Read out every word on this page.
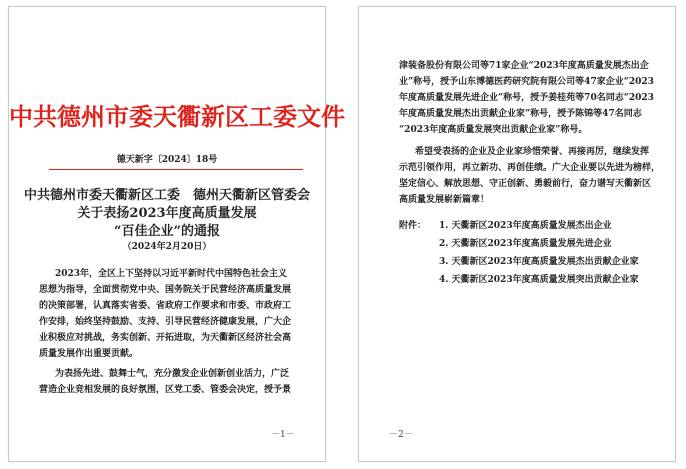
中共德州市委天衢新区工委文件
德天新字〔2024〕18号
中共德州市委天衢新区工委　德州天衢新区管委会
关于表扬2023年度高质量发展
“百佳企业”的通报
（2024年2月20日）
2023年，全区上下坚持以习近平新时代中国特色社会主义
思想为指导，全面贯彻党中央、国务院关于民营经济高质量发展
的决策部署，认真落实省委、省政府工作要求和市委、市政府工
作安排，始终坚持鼓励、支持、引导民营经济健康发展，广大企
业积极应对挑战，务实创新、开拓进取，为天衢新区经济社会高
质量发展作出重要贡献。
为表扬先进、鼓舞士气，充分激发企业创新创业活力，广泛
营造企业竞相发展的良好氛围，区党工委、管委会决定，授予景
－1－
津装备股份有限公司等71家企业“2023年度高质量发展杰出企
业”称号，授予山东博德医药研究院有限公司等47家企业“2023
年度高质量发展先进企业”称号，授予姜桂苑等70名同志“2023
年度高质量发展杰出贡献企业家”称号，授予陈锦等47名同志
“2023年度高质量发展突出贡献企业家”称号。
希望受表扬的企业及企业家珍惜荣誉、再接再厉，继续发挥
示范引领作用，再立新功、再创佳绩。广大企业要以先进为榜样，
坚定信心、解放思想、守正创新、勇毅前行，奋力谱写天衢新区
高质量发展崭新篇章！
附件： 1. 天衢新区2023年度高质量发展杰出企业
2. 天衢新区2023年度高质量发展先进企业
3. 天衢新区2023年度高质量发展杰出贡献企业家
4. 天衢新区2023年度高质量发展突出贡献企业家
－2－
